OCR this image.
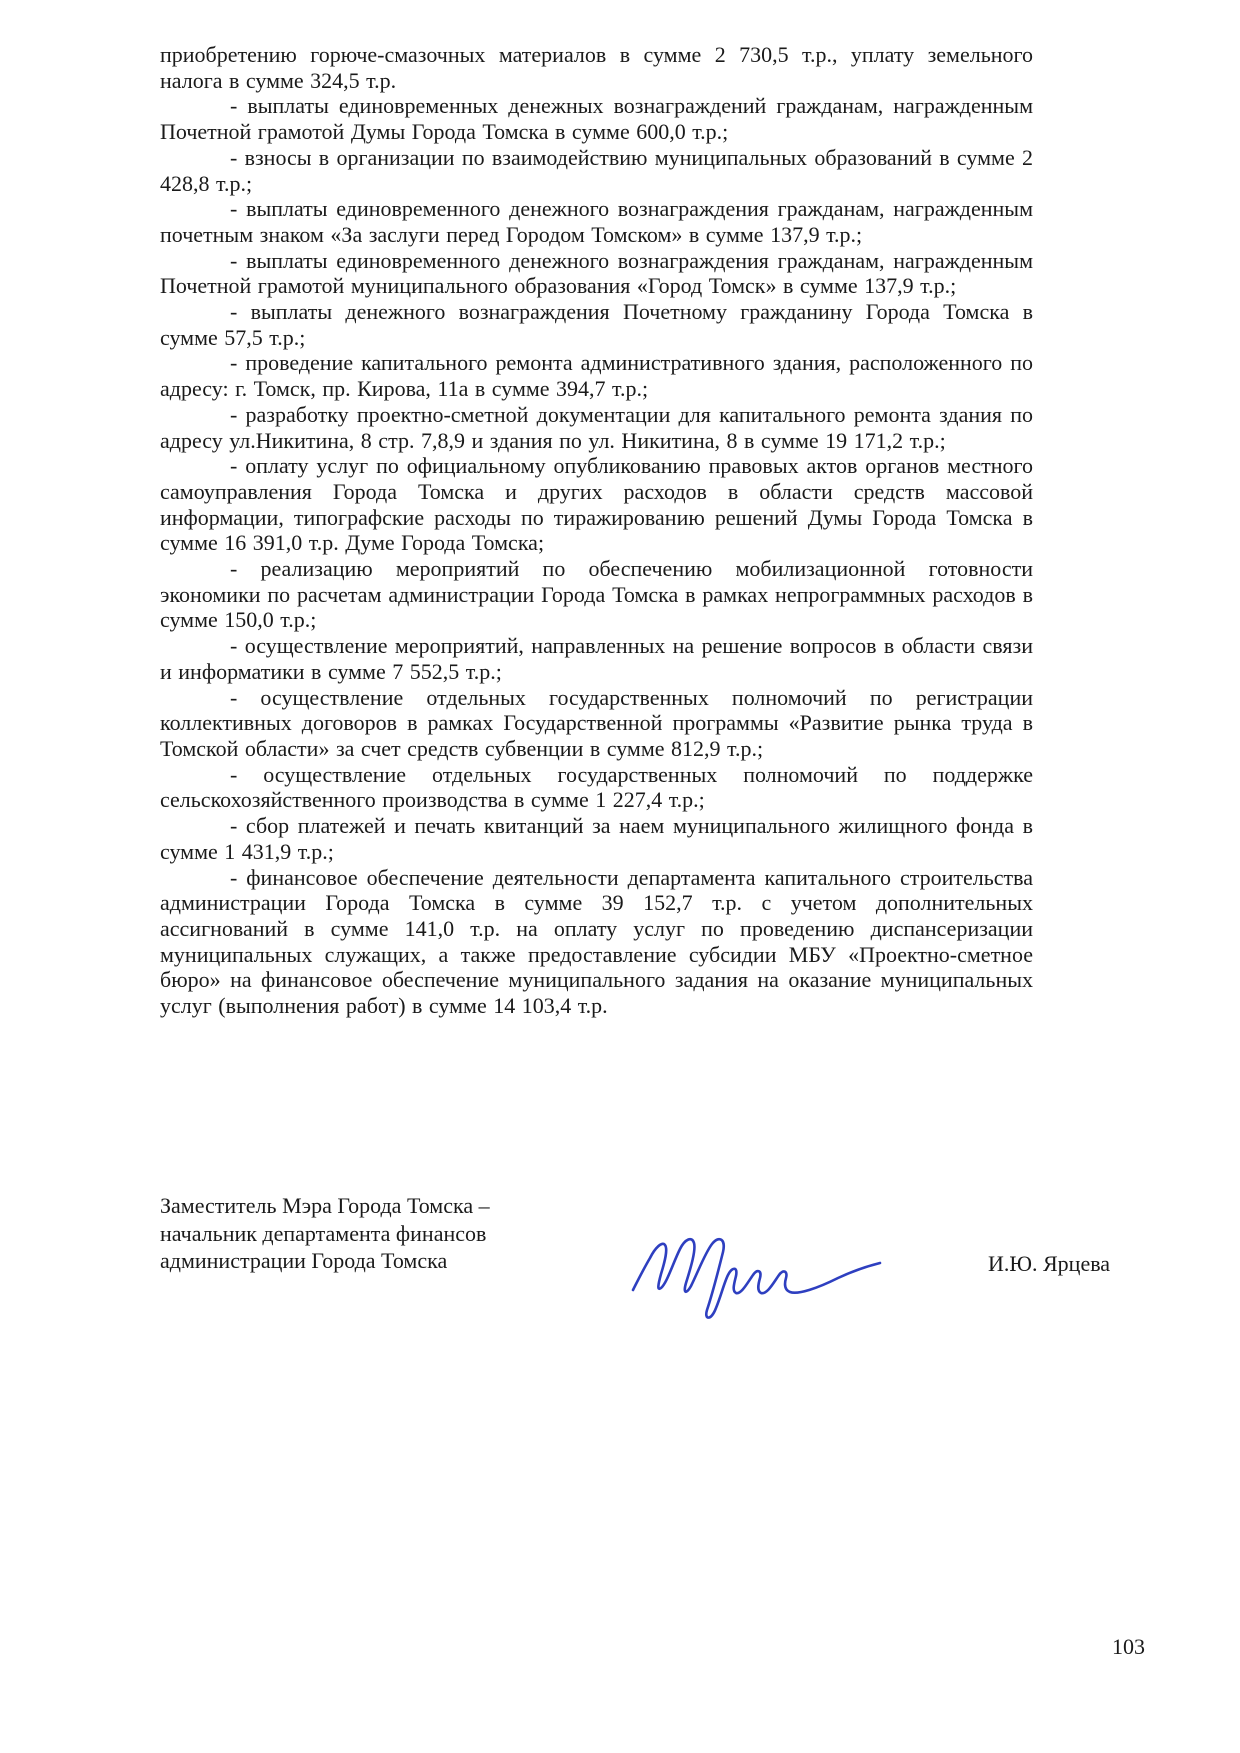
приобретению горюче-смазочных материалов в сумме 2 730,5 т.р., уплату земельного налога в сумме 324,5 т.р.

- выплаты единовременных денежных вознаграждений гражданам, награжденным Почетной грамотой Думы Города Томска в сумме 600,0 т.р.;

- взносы в организации по взаимодействию муниципальных образований в сумме 2 428,8 т.р.;

- выплаты единовременного денежного вознаграждения гражданам, награжденным почетным знаком «За заслуги перед Городом Томском» в сумме 137,9 т.р.;

- выплаты единовременного денежного вознаграждения гражданам, награжденным Почетной грамотой муниципального образования «Город Томск» в сумме 137,9 т.р.;

- выплаты денежного вознаграждения Почетному гражданину Города Томска в сумме 57,5 т.р.;

- проведение капитального ремонта административного здания, расположенного по адресу: г. Томск, пр. Кирова, 11а в сумме 394,7 т.р.;

- разработку проектно-сметной документации для капитального ремонта здания по адресу ул.Никитина, 8 стр. 7,8,9 и здания по ул. Никитина, 8 в сумме 19 171,2 т.р.;

- оплату услуг по официальному опубликованию правовых актов органов местного самоуправления Города Томска и других расходов в области средств массовой информации, типографские расходы по тиражированию решений Думы Города Томска в сумме 16 391,0 т.р. Думе Города Томска;

- реализацию мероприятий по обеспечению мобилизационной готовности экономики по расчетам администрации Города Томска в рамках непрограммных расходов в сумме 150,0 т.р.;

- осуществление мероприятий, направленных на решение вопросов в области связи и информатики в сумме 7 552,5 т.р.;

- осуществление отдельных государственных полномочий по регистрации коллективных договоров в рамках Государственной программы «Развитие рынка труда в Томской области» за счет средств субвенции в сумме 812,9 т.р.;

- осуществление отдельных государственных полномочий по поддержке сельскохозяйственного производства в сумме 1 227,4 т.р.;

- сбор платежей и печать квитанций за наем муниципального жилищного фонда в сумме 1 431,9 т.р.;

- финансовое обеспечение деятельности департамента капитального строительства администрации Города Томска в сумме 39 152,7 т.р. с учетом дополнительных ассигнований в сумме 141,0 т.р. на оплату услуг по проведению диспансеризации муниципальных служащих, а также предоставление субсидии МБУ «Проектно-сметное бюро» на финансовое обеспечение муниципального задания на оказание муниципальных услуг (выполнения работ) в сумме 14 103,4 т.р.

Заместитель Мэра Города Томска –
начальник департамента финансов
администрации Города Томска	И.Ю. Ярцева
103
